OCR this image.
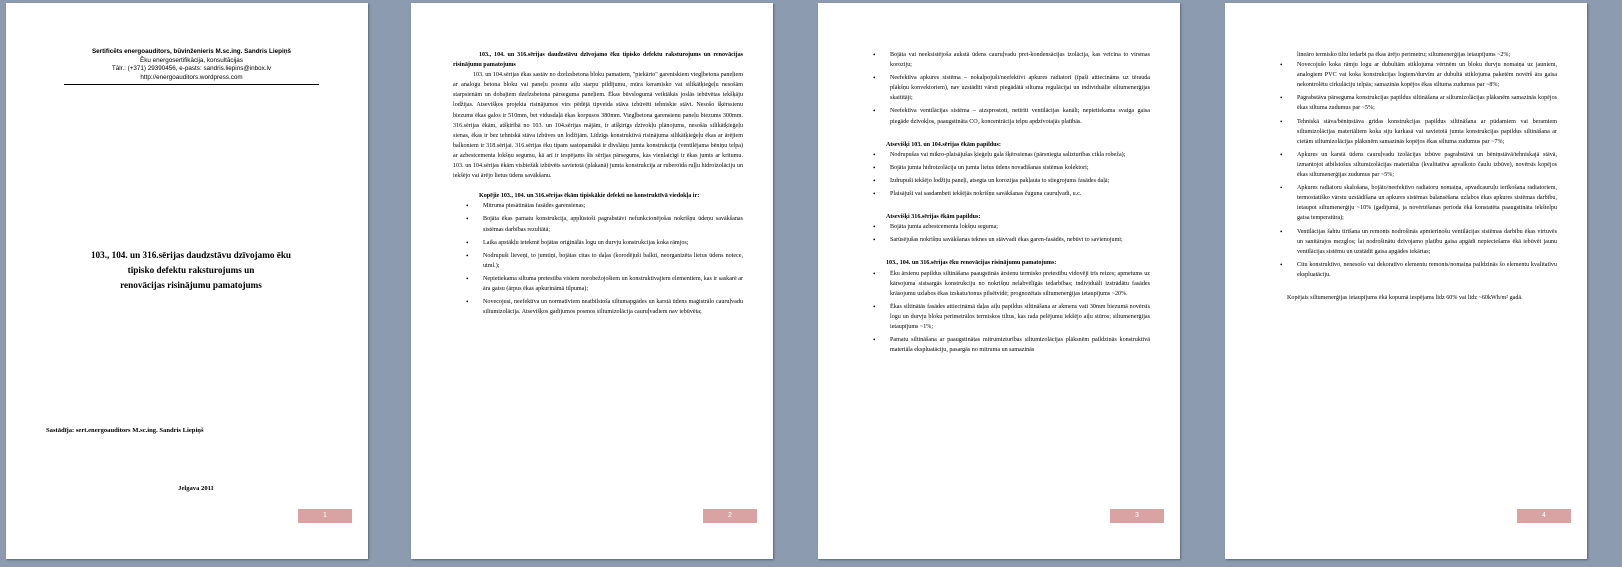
Sertificēts energoauditors, būvinženieris M.sc.ing. Sandris Liepiņš
Ēku energosertifikācija, konsultācijas
Tālr.: (+371) 29390456, e-pasts: sandris.liepins@inbox.lv
http://energoauditors.wordpress.com
103., 104. un 316.sērijas daudzstāvu dzīvojamo ēku
tipisko defektu raksturojums un
renovācijas risinājumu pamatojums
Sastādīja: sert.energoauditors M.sc.ing. Sandris Liepiņš
Jelgava 2011
1

103., 104. un 316.sērijas daudzstāvu dzīvojamo ēku tipisko defektu raksturojums un renovācijas risinājumu pamatojums

103. un 104.sērijas ēkas sastāv no dzelzsbetona bloku pamatiem, "piekārto" gareniskiem viegļbetona paneļiem ar analogu betona bloku vai paneļu posmu aiļu starpu pildījumu, mūra keramisko vai silikātķieģeļu nesošām starpsienām un dobajiem dzelzsbetona pārseguma paneļiem. Ēkas būvslogumā veiktākās joslās iebūvētas iekšķāju lodžijas. Atsevišķos projekta risinājumos virs pēdējā tipveida stāva izbūvēti tehniskie stāvi. Nesošo šķērssienu biezums ēkas galos ir 510mm, bet vidusdaļā ēkas korpusos 380mm. Viegļbetona garensienu paneļu biezums 300mm. 316.sērijas ēkām, atšķirībā no 103. un 104.sērijas mājām, ir atšķirīgs dzīvokļu plānojums, nesošās silikātķieģeļu sienas, ēkas ir bez tehniskā stāva izbūves un lodžijām. Līdzīgs konstruktīvā risinājuma silikātķieģeļu ēkas ar ārējiem balkoniem ir 318.sērijai. 316.sērijas ēku tipam sastopamākā ir divslāņu jumta konstrukcija (ventilējama bēniņu telpa) ar azbestcementa lokšņu segumu, kā arī ir iespējams šīs sērijas pārsegums, kas vienlaicīgi ir ēkas jumts ar krītumu. 103. un 104.sērijas ēkām visbiežāk izbūvēts savietotā (plakanā) jumta konstrukcija ar ruberoīda ruļļu hidroizolāciju un iekšējo vai ārējo lietus ūdens savākšanu.

Kopējie 103., 104. un 316.sērijas ēkām tipiskākie defekti no konstruktīvā viedokļa ir:

• Mitruma piesātinātas fasādes garensienas;
• Bojāta ēkas pamatu konstrukcija, applūstoši pagrabstāvi nefunkcionējošas nokrišņu ūdeņu savākšanas sistēmas darbības rezultātā;
• Laika apstākļu ietekmē bojātas oriģinālās logu un durvju konstrukcijas koka rāmjos;
• Nodrupuši lieveņi, to jumtiņi, bojātas citas to daļas (korodējuši balkti, neorganizēta lietus ūdens notece, utml.);
• Nepietiekama siltuma pretestība visiem norobežojošiem un konstruktīvajiem elementiem, kas ir saskarē ar āra gaisu (ārpus ēkas apkurināmā tilpuma);
• Novecojusi, neefektīva un normatīviem neatbilstoša siltumapgādes un karstā ūdens maģistrālo cauruļvadu siltumizolācija. Atsevišķos gadījumos posmos siltumizolācija cauruļvadiem nav iebūvēta;
2
• Bojāta vai neeksistējoša aukstā ūdens cauruļvadu pret-kondensācijas izolācija, kas veicina to virsmas koroziju;
• Neefektīva apkures sistēma – nokalpojuši/neefektīvi apkures radiatori (īpaši attiecināms uz tērauda plākšņu konvektoriem), nav uzstādīti vārsti piegādātā siltuma regulācijai un individuālie siltumenerģijas skaitītāji;
• Neefektīva ventilācijas sistēma – aizsprostoti, netīrīti ventilācijas kanāli; nepietiekama svaiga gaisa piegāde dzīvokļos, paaugstināta CO₂ koncentrācija telpu apdzīvotajās platībās.

Atsevišķi 103. un 104.sērijas ēkām papildus:

• Nodrupušas vai mikro-plaisājušas ķieģeļu gala šķērssienas (pārsniegta salizturības cikla robeža);
• Bojāta jumta hidroizolācija un jumta lietus ūdens novadīšanas sistēmas kolektori;
• Izdrupuši iekšējo lodžiju paneļi, atsegta un korozijas pakļauta to stiegrojums fasādes daļā;
• Plaisājuši vai sasdambeti iekšējās nokrišņu savākšanas čuguna cauruļvadi, u.c.

Atsevišķi 316.sērijas ēkām papildus:

• Bojāta jumta azbestcementa lokšņu seguma;
• Sarūsējušas nokrišņu savākšanas teknes un stāvvadi ēkas garen-fasādēs, nebūvi to savienojumi;

103., 104. un 316.sērijas ēku renovācijas risinājumu pamatojums:

• Ēku ārsienu papildus siltināšana paaugstinās ārsienu termisko pretestību vidovēji trīs reizes; apmetums uz kārsojuma sistsargās konstrukciju no nokrišņu nelabvēlīgās iedarbības; individuāli izstrādātu fasādes krāsojumu uzlabos ēkas izskatu/tonus pilsētvidē; prognozētais siltumenerģijas ietaupījums ~20%.
• Ēkas siltinātās fasādes attiecināmā daļas aiļu papildus siltināšana ar akmens vati 30mm biezumā novērsīs logu un durvju bloku perimetrālos termiskos tiltus, kas rada pelējumu iekšējo aiļu stūros; siltumenerģijas ietaupījums ~1%;
• Pamatu siltināšana ar paaugstinātas mitrumizturības siltumizolācijas plāksnēm paildzinās konstruktīvā materiāla ekspluatāciju, pasargās no mitruma un samazinās
3

lineāro termisko tiltu iedarbi pa ēkas ārējo perimetru; siltumenerģijas ietaupījums ~2%;

• Novecojušo koka rāmju logu ar dubultām stiklojuma vērtnēm un bloku durvju nomaiņa uz jauniem, analogiem PVC vai koka konstrukcijas logiem/durvīm ar dubultā stiklojuma paketēm novērš āra gaisa nekontrolētu cirkulāciju telpās; samazinās kopējos ēkas siltuma zudumus par ~8%;
• Pagrabstāva pārseguma konstrukcijas papildus siltināšana ar siltumizolācijas plāksnēm samazinās kopējos ēkas siltuma zudumus par ~5%;
• Tehniskā stāva/bēniņstāva grīdas konstrukcijas papildus siltināšana ar pūdamiem vai beramiem siltumizolācijas materiāliem koka siju karkasā vai savietotā jumta konstrukcijas papildus siltināšana ar cietām siltumizolācijas plāksnēm samazinās kopējos ēkas siltuma zudumus par ~7%;
• Apkures un karstā ūdens cauruļvadu izolācijas izbūve pagrabstāvā un bēniņstāvā/tehniskajā stāvā, izmantojot atbilstošus siltumizolācijas materiālus (kvalitatīva apvalkoto čaulu izbūve), novērsīs kopējos ēkas siltumenerģijas zudumus par ~5%;
• Apkures radiatoru skalošana, bojāto/neefektīvo radiatoru nomaiņa, apvadcauruļu ierīkošana radiatoriem, termostatiško vārstu uzstādīšana un apkures sistēmas balansēšana uzlabos ēkas apkures sistēmas darbību, ietaupot siltumenerģiju ~10% (gadījumā, ja novērtēšanas perioda ēkā konstatēta paaugstināta iekštelpu gaisa temperatūra);
• Ventilācijas šahtu tīrīšana un remonts nodrošinās apmierinošu ventilācijas sistēmas darbību ēkas virtuvēs un sanitārajos mezglos; lai nodrošinātu dzīvojamo platību gaisa apgādi nepieciešams ēkā iebūvēt jaunu ventilācijas sistēmu un uzstādīt gaisa apgādes iekārtas;
• Citu konstruktīvo, nenesošo vai dekoratīvo elementu remonts/nomaiņa paildzinās šo elementu kvalitatīvu ekspluatāciju.

Kopējais siltumenerģijas ietaupījums ēkā kopumā iespējams līdz 60% vai līdz ~60kWh/m² gadā.

4
